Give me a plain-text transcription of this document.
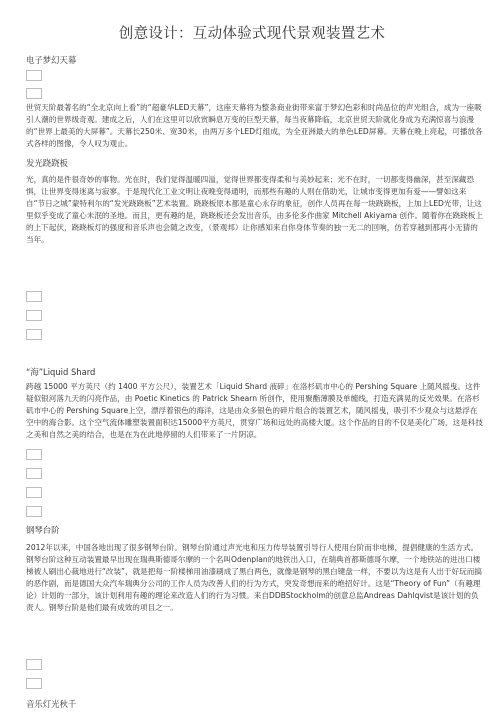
创意设计：互动体验式现代景观装置艺术
电子梦幻天幕

世贸天阶最著名的“全北京向上看”的“超豪华LED天幕”，这座天幕将为整条商业街带来富于梦幻色彩和时尚品位的声光组合，成为一座吸引人潮的世界级奇观。建成之后，人们在这里可以欣赏瞬息万变的巨型天幕，每当夜幕降临，北京世贸天阶就化身成为充满惊喜与浪漫的“世界上最美的大屏幕”。天幕长250米、宽30米，由两万多个LED灯组成，为全亚洲最大的单色LED屏幕。天幕在晚上亮起，可播放各式各样的图像，令人叹为观止。

发光跷跷板

光，真的是件很奇妙的事物。光在时，我们觉得温暖四溢，觉得世界都变得柔和与美妙起来；光不在时，一切都变得幽深，甚至深藏恐惧，让世界变得迷离与寂寥。于是现代化工业文明让夜晚变得通明，而那些有趣的人则在借助光，让城市变得更加有爱——譬如这来自“节日之城”蒙特利尔的“发光跷跷板”艺术装置。跷跷板原本都是童心永存的象征，创作人员再在每一块跷跷板，上加上LED光带，让这里似乎变成了童心未泯的圣地。而且，更有趣的是，跷跷板还会发出音乐，由多伦多作曲家 Mitchell Akiyama 创作。随着你在跷跷板上的上下起伏，跷跷板灯的强度和音乐声也会随之改变，（景观邦）让你感知来自你身体节奏的独一无二的回响，仿若穿越到那再小无猜的当年。

“海”Liquid Shard

跨越 15000 平方英尺（约 1400 平方公尺），装置艺术「Liquid Shard 液碎」在洛杉矶市中心的 Pershing Square 上随风摇曳。这件疑似银河落九天的闪亮作品，由 Poetic Kinetics 的 Patrick Shearn 所创作，使用聚酯薄膜及单缠线，打造充满晃的反光效果。在洛杉矶市中心的 Pershing Square上空，漂浮着银色的海洋，这是由众多银色的碎片组合的装置艺术，随风摇曳，吸引不少观众与这悬浮在空中的海合影。这个空气流体雕塑装置面积达15000平方英尺，贯穿广场和远处的高楼大厦。这个作品的目的不仅是美化广场，这是科技之美和自然之美的结合，也是在为在此地停留的人们带来了一片阴凉。

钢琴台阶

2012年以来，中国各地出现了很多钢琴台阶。钢琴台阶通过声光电和压力传导装置引导行人使用台阶而非电梯，提倡健康的生活方式。钢琴台阶这种互动装置最早出现在瑞典斯德哥尔摩的一个名叫Odenplan的地铁出入口，在瑞典首都斯德哥尔摩，一个地铁站的进出口楼梯被人刷出心裁地进行“改装”，就是把每一阶楼梯用油漆刷成了黑白两色，就像是钢琴的黑白键盘一样，不要以为这是有人出于好玩而搞的恶作剧，而是德国大众汽车瑞典分公司的工作人员为改善人们的行为方式，突发奇想而来的绝招好计。这是“Theory of Fun”（有趣理论）计划的一部分，该计划利用有趣的理论来改造人们的行为习惯。来自DDBStockholm的创意总监Andreas Dahlqvist是该计划的负责人。钢琴台阶是他们最有成效的项目之一。

音乐灯光秋千
